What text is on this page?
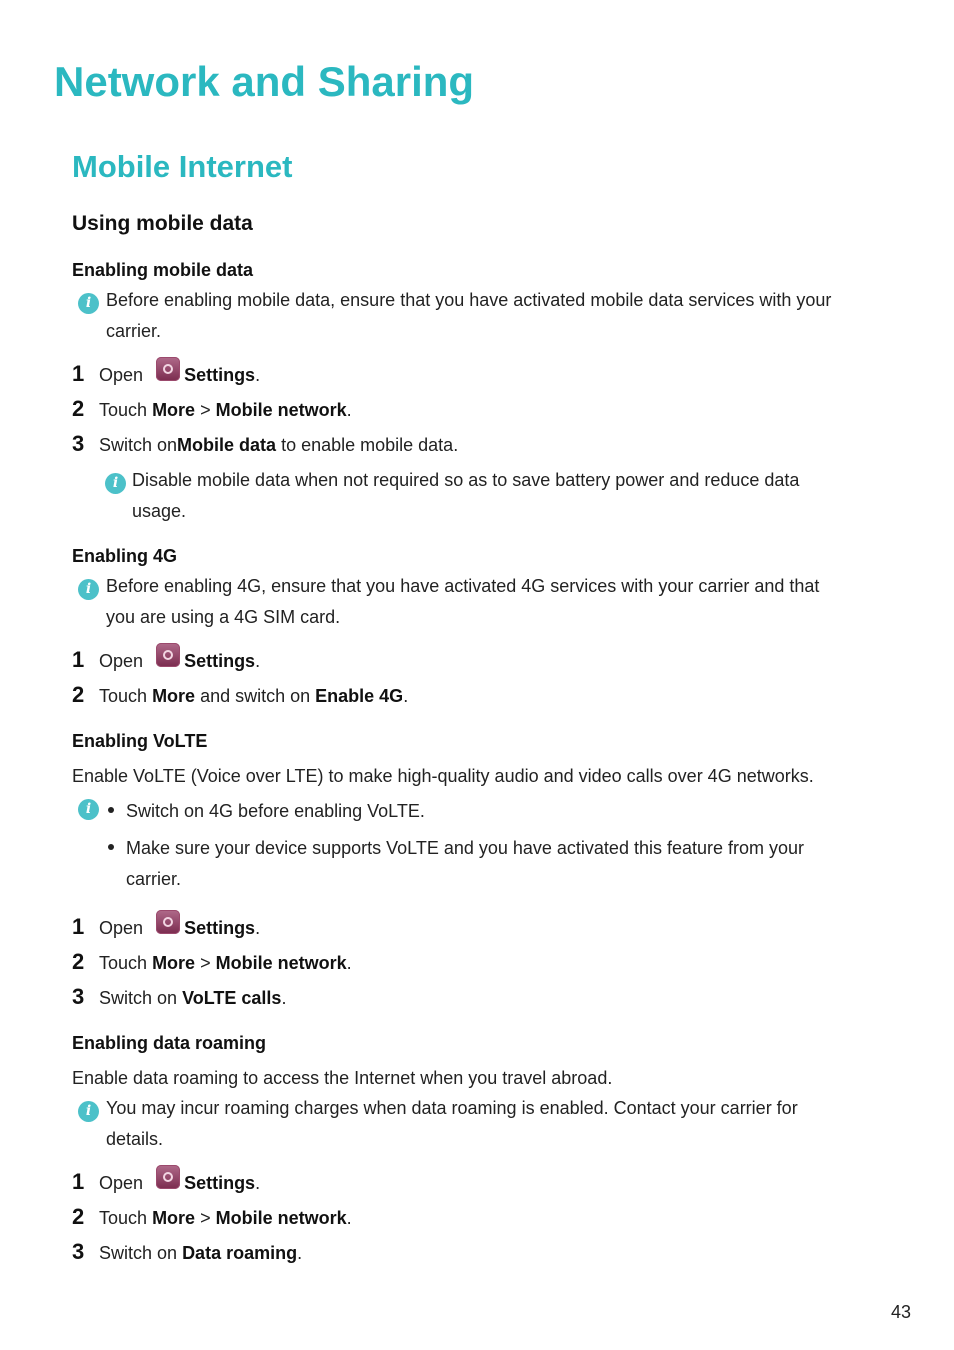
Network and Sharing
Mobile Internet
Using mobile data
Enabling mobile data
i Before enabling mobile data, ensure that you have activated mobile data services with your
carrier.
1 Open Settings.
2 Touch More > Mobile network.
3 Switch onMobile data to enable mobile data.
i Disable mobile data when not required so as to save battery power and reduce data
usage.
Enabling 4G
i Before enabling 4G, ensure that you have activated 4G services with your carrier and that
you are using a 4G SIM card.
1 Open Settings.
2 Touch More and switch on Enable 4G.
Enabling VoLTE
Enable VoLTE (Voice over LTE) to make high-quality audio and video calls over 4G networks.
i	Switch on 4G before enabling VoLTE.
Make sure your device supports VoLTE and you have activated this feature from your
carrier.
1 Open Settings.
2 Touch More > Mobile network.
3 Switch on VoLTE calls.
Enabling data roaming
Enable data roaming to access the Internet when you travel abroad.
i You may incur roaming charges when data roaming is enabled. Contact your carrier for
details.
1 Open Settings.
2 Touch More > Mobile network.
3 Switch on Data roaming.
43
